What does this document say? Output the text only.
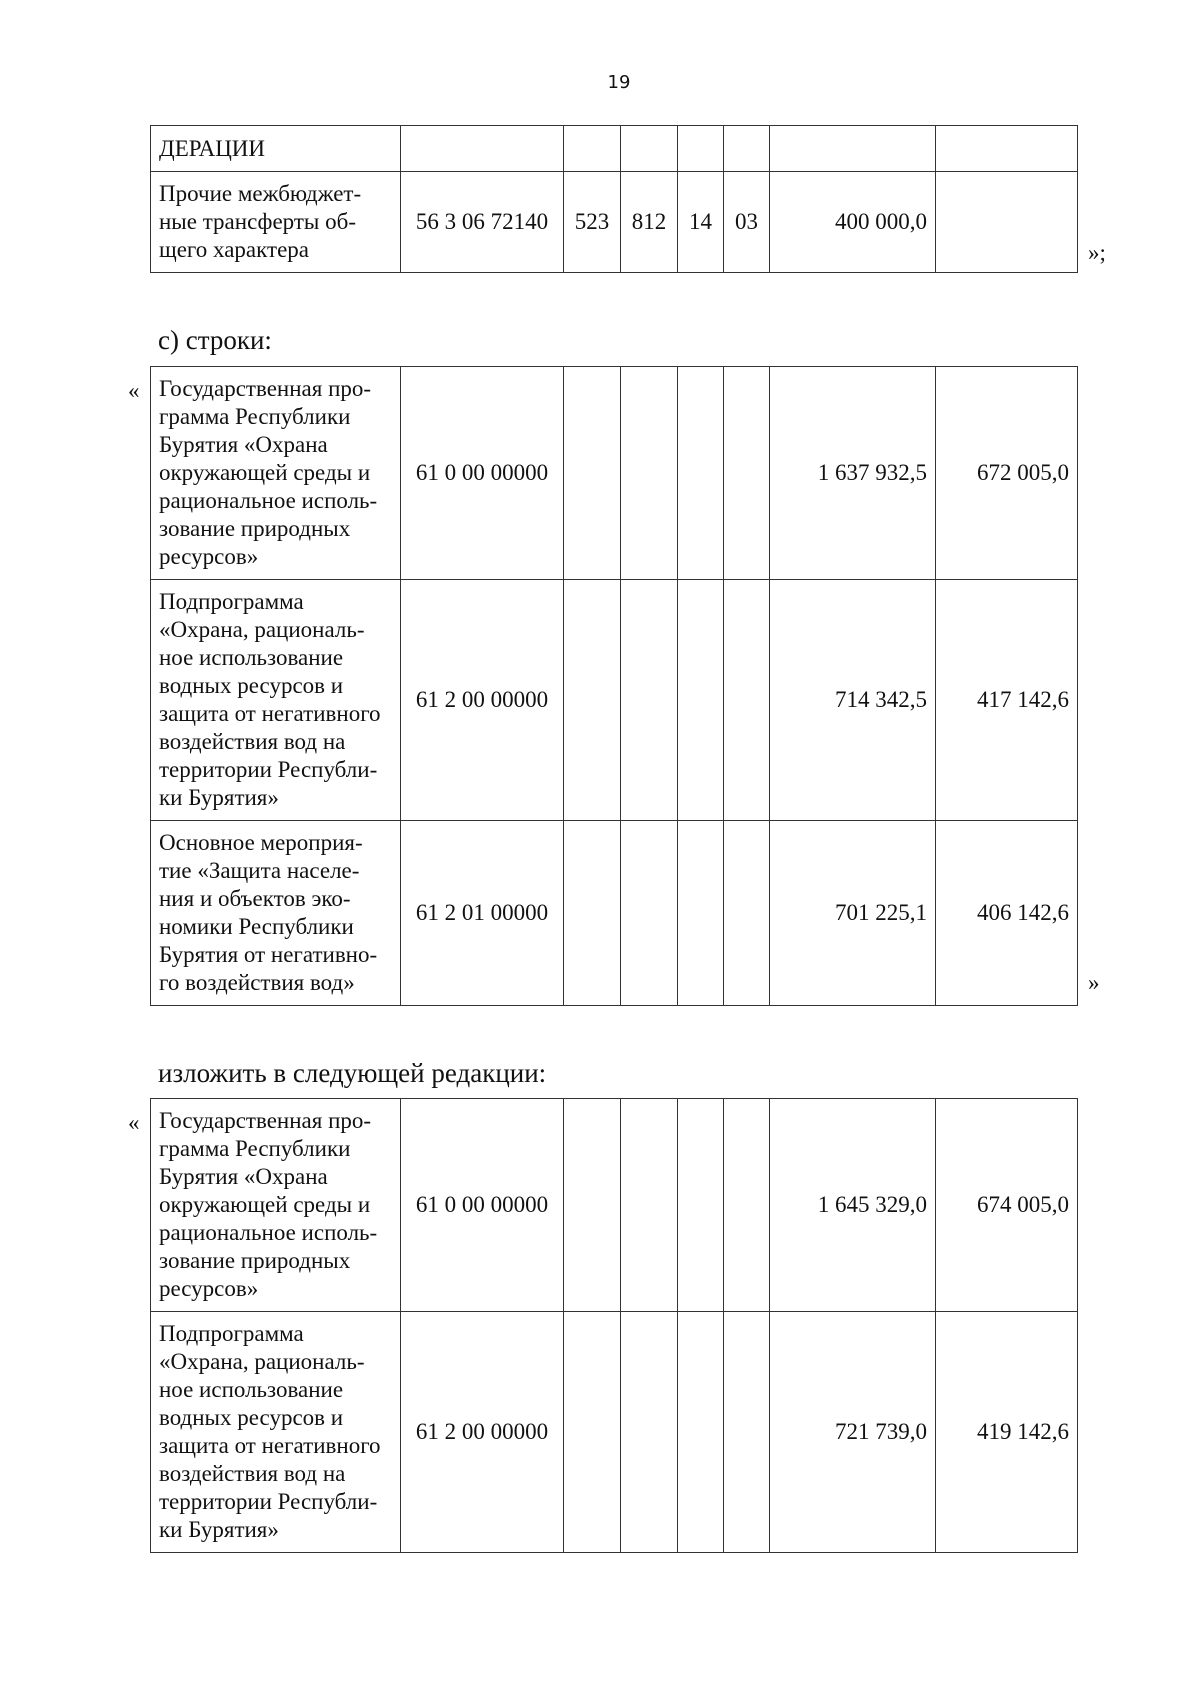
19
ДЕРАЦИИ							
Прочие межбюджет-ные трансферты об-щего характера	56 3 06 72140	523	812	14	03	400 000,0	
»;
с) строки:
« Государственная про-грамма Республики Бурятия «Охрана окружающей среды и рациональное исполь-зование природных ресурсов»	61 0 00 00000					1 637 932,5	672 005,0
Подпрограмма «Охрана, рациональ-ное использование водных ресурсов и защита от негативного воздействия вод на территории Республи-ки Бурятия»	61 2 00 00000					714 342,5	417 142,6
Основное мероприя-тие «Защита населе-ния и объектов эко-номики Республики Бурятия от негативно-го воздействия вод»	61 2 01 00000					701 225,1	406 142,6
»
изложить в следующей редакции:
« Государственная про-грамма Республики Бурятия «Охрана окружающей среды и рациональное исполь-зование природных ресурсов»	61 0 00 00000					1 645 329,0	674 005,0
Подпрограмма «Охрана, рациональ-ное использование водных ресурсов и защита от негативного воздействия вод на территории Республи-ки Бурятия»	61 2 00 00000					721 739,0	419 142,6
